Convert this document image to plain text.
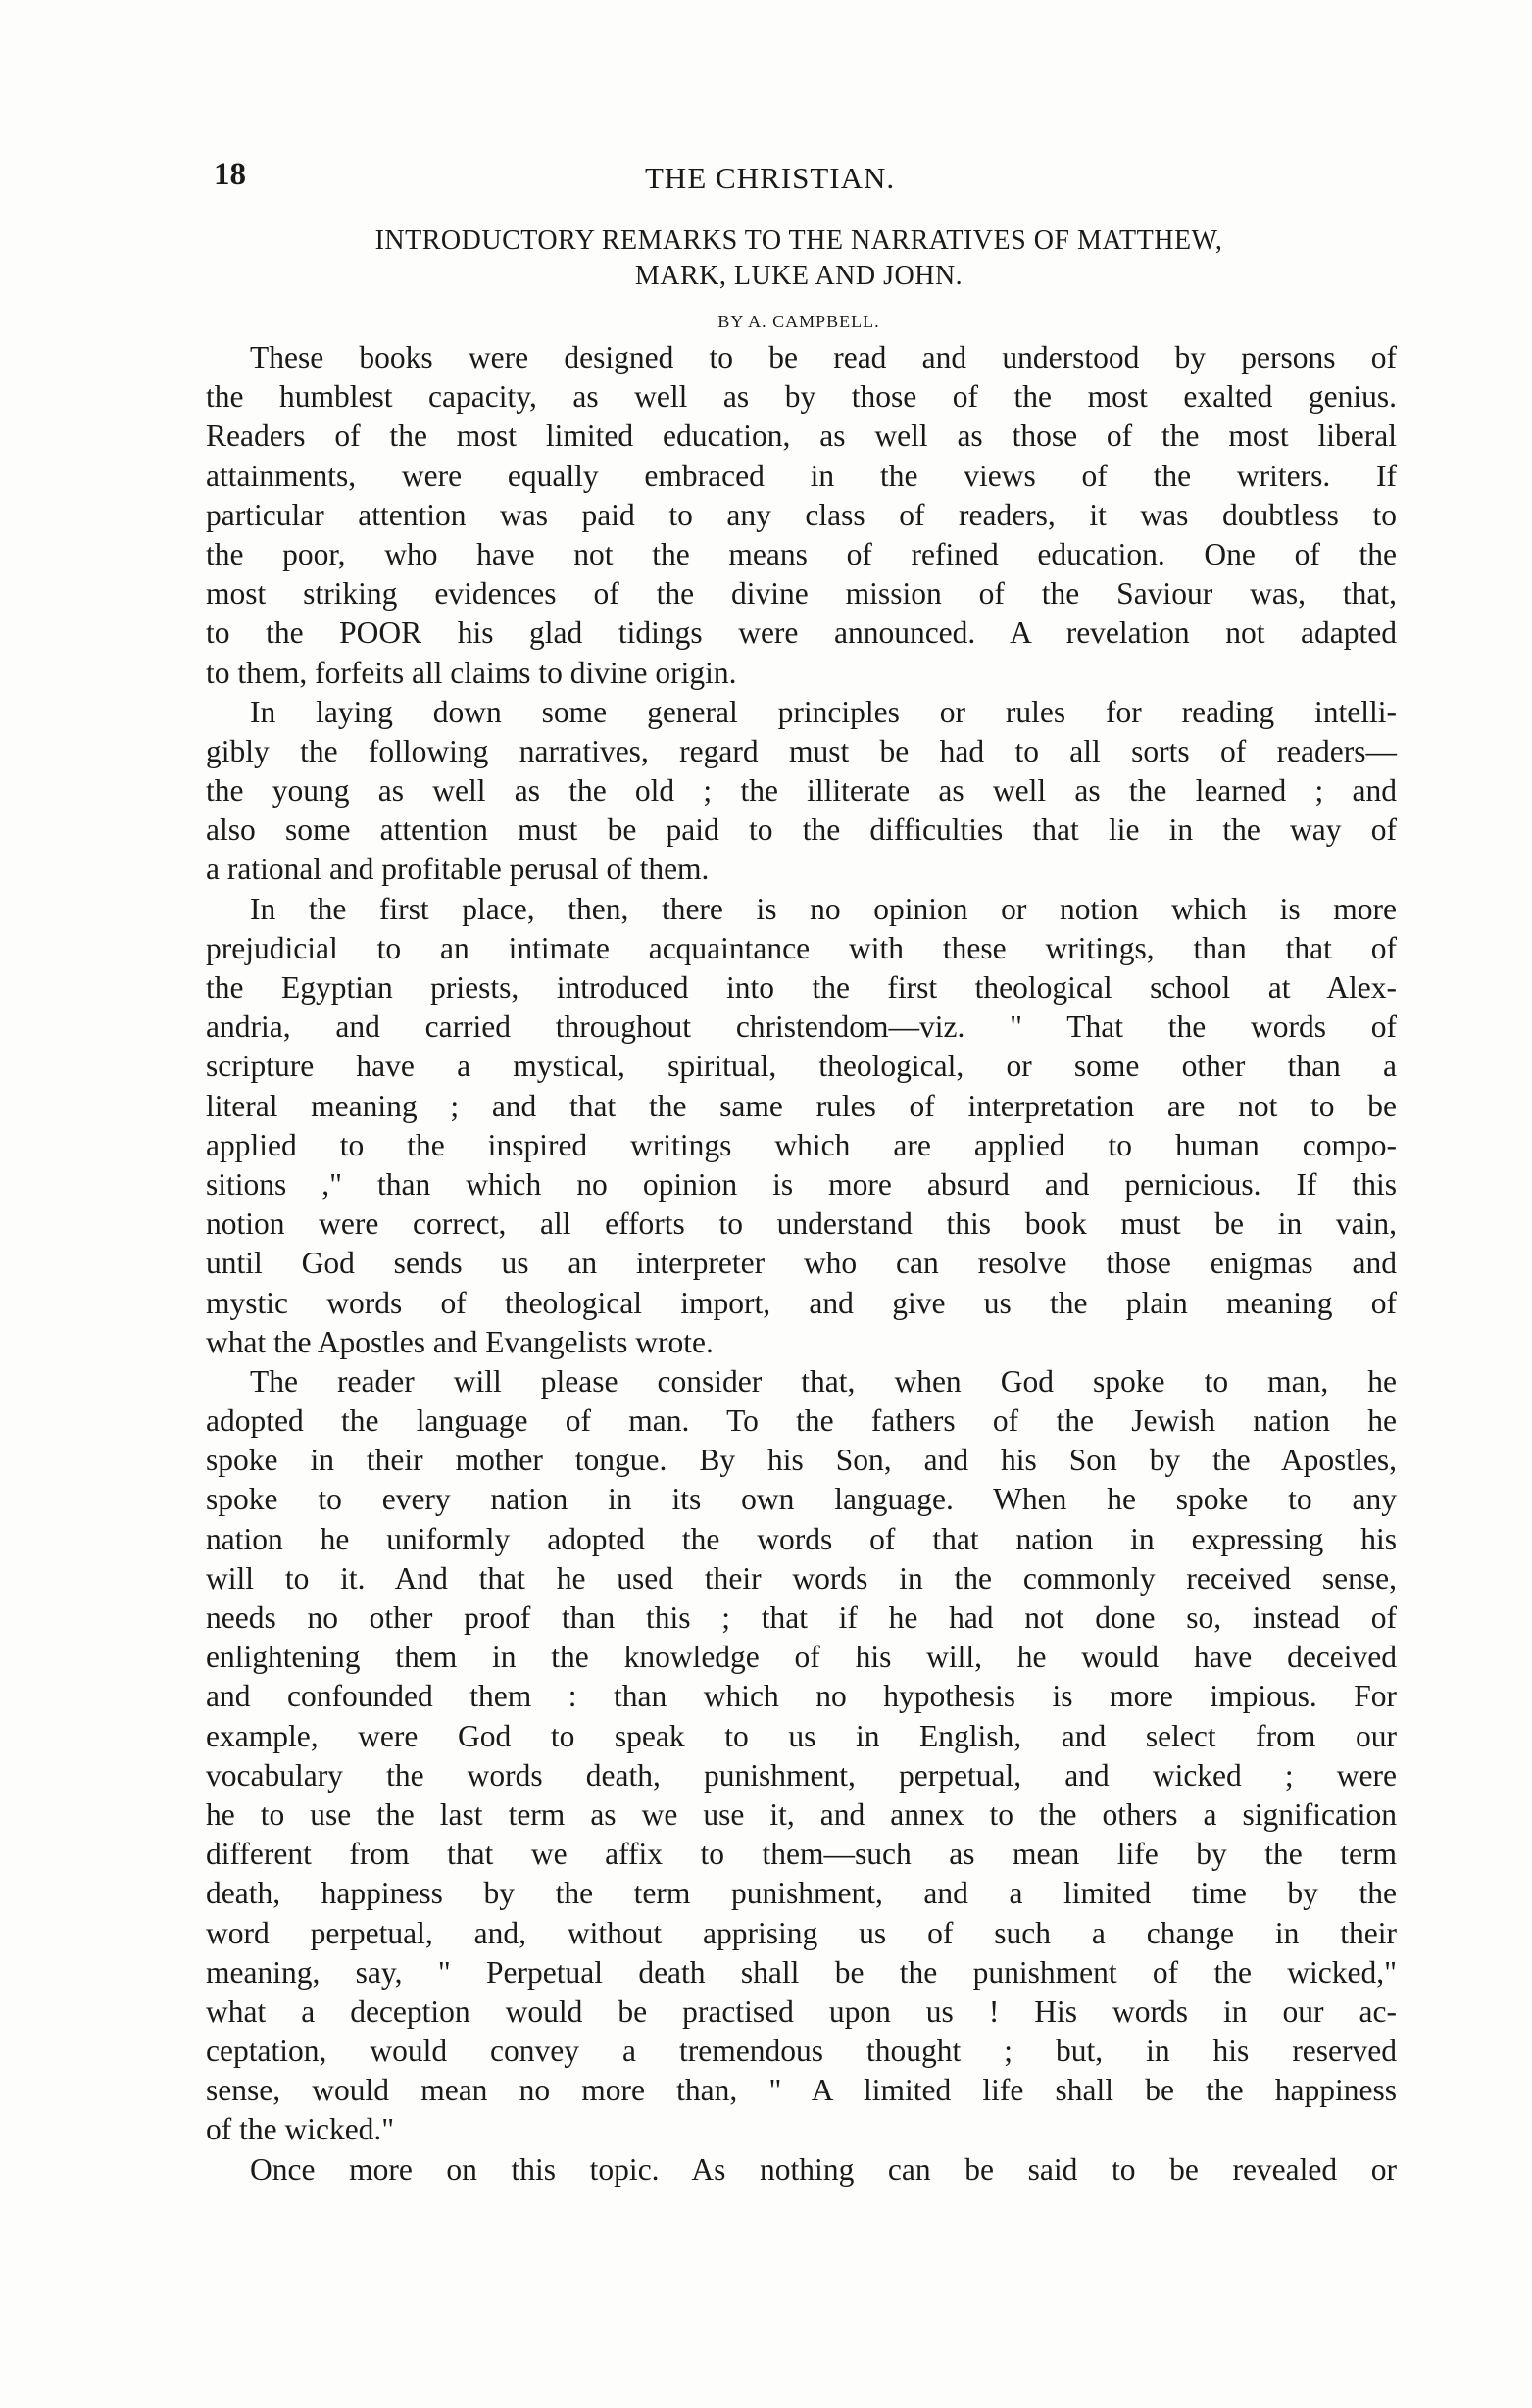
18	THE CHRISTIAN.
INTRODUCTORY REMARKS TO THE NARRATIVES OF MATTHEW,
MARK, LUKE AND JOHN.
BY A. CAMPBELL.
These books were designed to be read and understood by persons of
the humblest capacity, as well as by those of the most exalted genius.
Readers of the most limited education, as well as those of the most liberal
attainments, were equally embraced in the views of the writers. If
particular attention was paid to any class of readers, it was doubtless to
the poor, who have not the means of refined education. One of the
most striking evidences of the divine mission of the Saviour was, that,
to the POOR his glad tidings were announced. A revelation not adapted
to them, forfeits all claims to divine origin.
In laying down some general principles or rules for reading intelli-
gibly the following narratives, regard must be had to all sorts of readers—
the young as well as the old ; the illiterate as well as the learned ; and
also some attention must be paid to the difficulties that lie in the way of
a rational and profitable perusal of them.
In the first place, then, there is no opinion or notion which is more
prejudicial to an intimate acquaintance with these writings, than that of
the Egyptian priests, introduced into the first theological school at Alex-
andria, and carried throughout christendom—viz. " That the words of
scripture have a mystical, spiritual, theological, or some other than a
literal meaning ; and that the same rules of interpretation are not to be
applied to the inspired writings which are applied to human compo-
sitions ," than which no opinion is more absurd and pernicious. If this
notion were correct, all efforts to understand this book must be in vain,
until God sends us an interpreter who can resolve those enigmas and
mystic words of theological import, and give us the plain meaning of
what the Apostles and Evangelists wrote.
The reader will please consider that, when God spoke to man, he
adopted the language of man. To the fathers of the Jewish nation he
spoke in their mother tongue. By his Son, and his Son by the Apostles,
spoke to every nation in its own language. When he spoke to any
nation he uniformly adopted the words of that nation in expressing his
will to it. And that he used their words in the commonly received sense,
needs no other proof than this ; that if he had not done so, instead of
enlightening them in the knowledge of his will, he would have deceived
and confounded them : than which no hypothesis is more impious. For
example, were God to speak to us in English, and select from our
vocabulary the words death, punishment, perpetual, and wicked ; were
he to use the last term as we use it, and annex to the others a signification
different from that we affix to them—such as mean life by the term
death, happiness by the term punishment, and a limited time by the
word perpetual, and, without apprising us of such a change in their
meaning, say, " Perpetual death shall be the punishment of the wicked,"
what a deception would be practised upon us ! His words in our ac-
ceptation, would convey a tremendous thought ; but, in his reserved
sense, would mean no more than, " A limited life shall be the happiness
of the wicked."
Once more on this topic. As nothing can be said to be revealed or
